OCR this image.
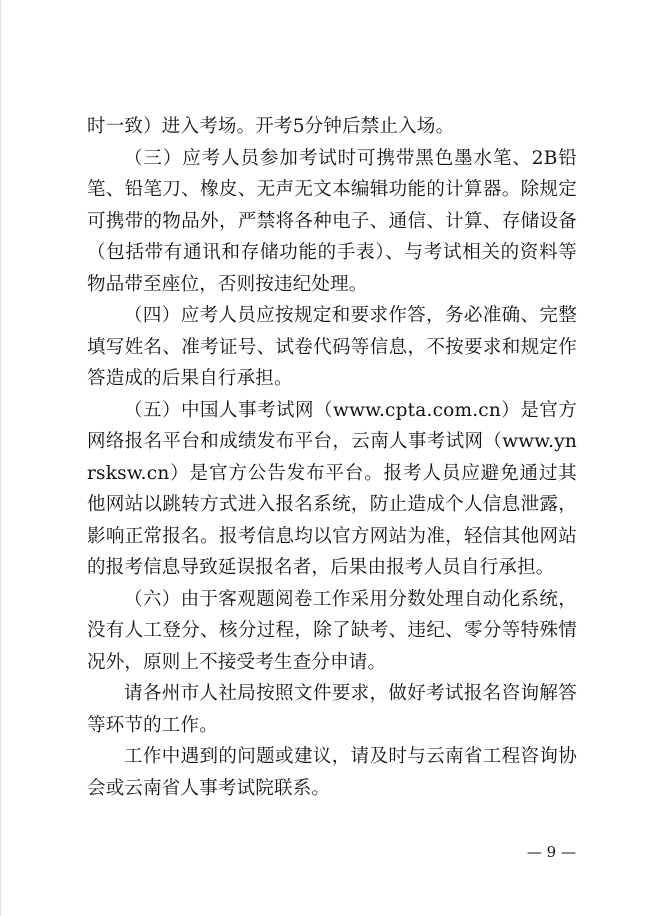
时一致）进入考场。开考5分钟后禁止入场。

（三）应考人员参加考试时可携带黑色墨水笔、2B铅笔、铅笔刀、橡皮、无声无文本编辑功能的计算器。除规定可携带的物品外，严禁将各种电子、通信、计算、存储设备（包括带有通讯和存储功能的手表）、与考试相关的资料等物品带至座位，否则按违纪处理。

（四）应考人员应按规定和要求作答，务必准确、完整填写姓名、准考证号、试卷代码等信息，不按要求和规定作答造成的后果自行承担。

（五）中国人事考试网（www.cpta.com.cn）是官方网络报名平台和成绩发布平台，云南人事考试网（www.ynrsksw.cn）是官方公告发布平台。报考人员应避免通过其他网站以跳转方式进入报名系统，防止造成个人信息泄露，影响正常报名。报考信息均以官方网站为准，轻信其他网站的报考信息导致延误报名者，后果由报考人员自行承担。

（六）由于客观题阅卷工作采用分数处理自动化系统，没有人工登分、核分过程，除了缺考、违纪、零分等特殊情况外，原则上不接受考生查分申请。

请各州市人社局按照文件要求，做好考试报名咨询解答等环节的工作。

工作中遇到的问题或建议，请及时与云南省工程咨询协会或云南省人事考试院联系。

— 9 —
